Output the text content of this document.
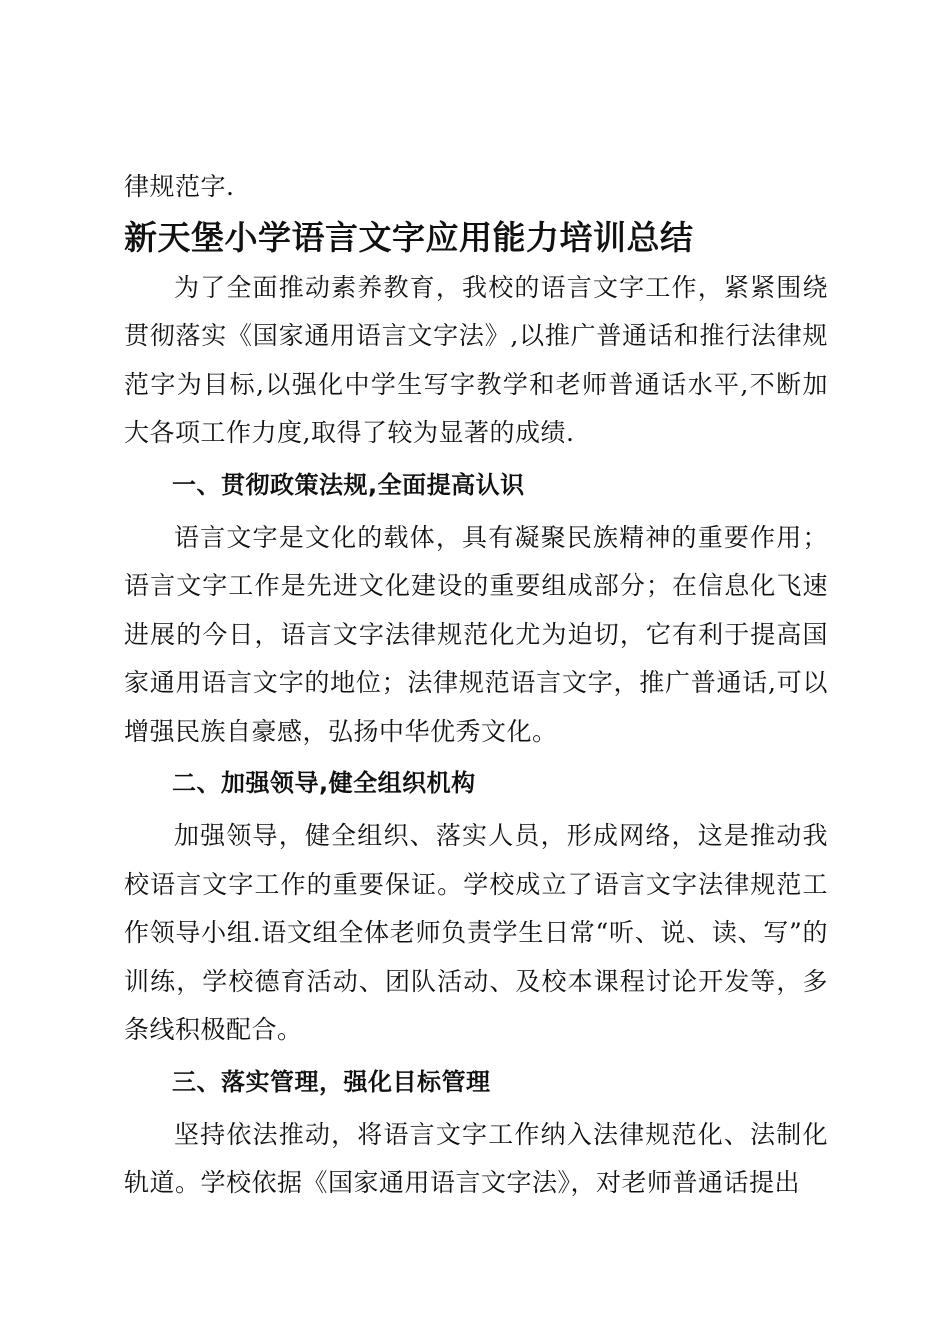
律规范字.

新天堡小学语言文字应用能力培训总结

为了全面推动素养教育，我校的语言文字工作，紧紧围绕贯彻落实《国家通用语言文字法》,以推广普通话和推行法律规范字为目标,以强化中学生写字教学和老师普通话水平,不断加大各项工作力度,取得了较为显著的成绩.

一、贯彻政策法规,全面提高认识

语言文字是文化的载体，具有凝聚民族精神的重要作用；语言文字工作是先进文化建设的重要组成部分；在信息化飞速进展的今日，语言文字法律规范化尤为迫切，它有利于提高国家通用语言文字的地位；法律规范语言文字，推广普通话,可以增强民族自豪感，弘扬中华优秀文化。

二、加强领导,健全组织机构

加强领导，健全组织、落实人员，形成网络，这是推动我校语言文字工作的重要保证。学校成立了语言文字法律规范工作领导小组.语文组全体老师负责学生日常“听、说、读、写”的训练，学校德育活动、团队活动、及校本课程讨论开发等，多条线积极配合。

三、落实管理，强化目标管理

坚持依法推动，将语言文字工作纳入法律规范化、法制化轨道。学校依据《国家通用语言文字法》，对老师普通话提出
